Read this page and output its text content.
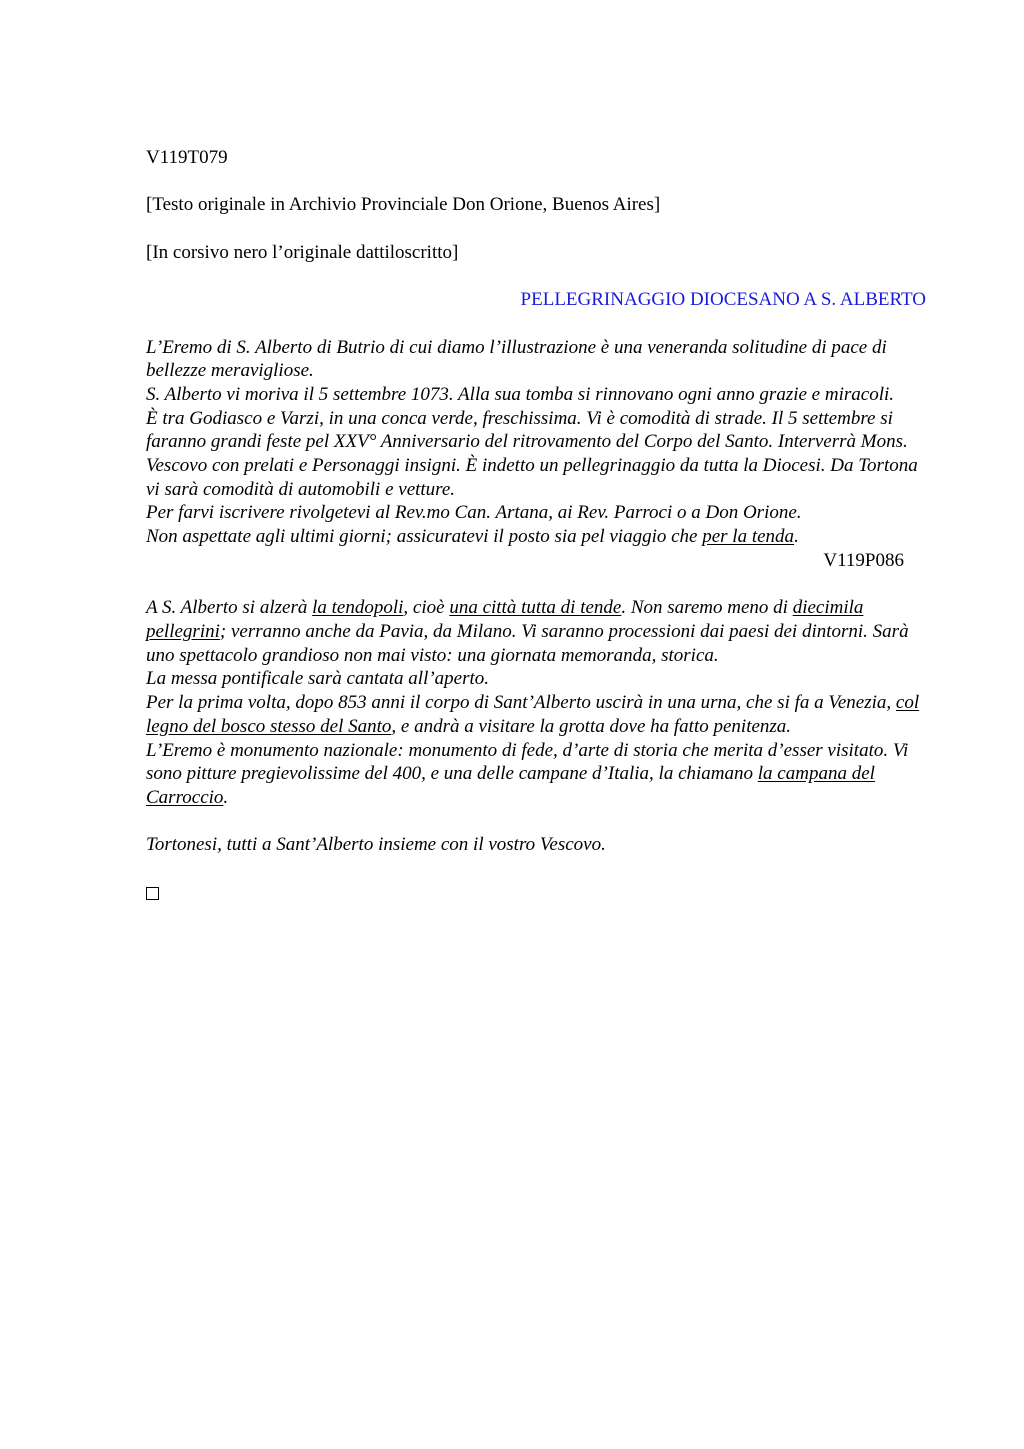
V119T079

[Testo originale in Archivio Provinciale Don Orione, Buenos Aires]

[In corsivo nero l’originale dattiloscritto]

PELLEGRINAGGIO DIOCESANO A S. ALBERTO

L’Eremo di S. Alberto di Butrio di cui diamo l’illustrazione è una veneranda solitudine di pace di bellezze meravigliose.

S. Alberto vi moriva il 5 settembre 1073. Alla sua tomba si rinnovano ogni anno grazie e miracoli.

È tra Godiasco e Varzi, in una conca verde, freschissima. Vi è comodità di strade. Il 5 settembre si faranno grandi feste pel XXV° Anniversario del ritrovamento del Corpo del Santo. Interverrà Mons. Vescovo con prelati e Personaggi insigni. È indetto un pellegrinaggio da tutta la Diocesi. Da Tortona vi sarà comodità di automobili e vetture.

Per farvi iscrivere rivolgetevi al Rev.mo Can. Artana, ai Rev. Parroci o a Don Orione.

Non aspettate agli ultimi giorni; assicuratevi il posto sia pel viaggio che per la tenda.

V119P086

A S. Alberto si alzerà la tendopoli, cioè una città tutta di tende. Non saremo meno di diecimila pellegrini; verranno anche da Pavia, da Milano. Vi saranno processioni dai paesi dei dintorni. Sarà uno spettacolo grandioso non mai visto: una giornata memoranda, storica.

La messa pontificale sarà cantata all’aperto.

Per la prima volta, dopo 853 anni il corpo di Sant’Alberto uscirà in una urna, che si fa a Venezia, col legno del bosco stesso del Santo, e andrà a visitare la grotta dove ha fatto penitenza.

L’Eremo è monumento nazionale: monumento di fede, d’arte di storia che merita d’esser visitato. Vi sono pitture pregievolissime del 400, e una delle campane d’Italia, la chiamano la campana del Carroccio.

Tortonesi, tutti a Sant’Alberto insieme con il vostro Vescovo.
